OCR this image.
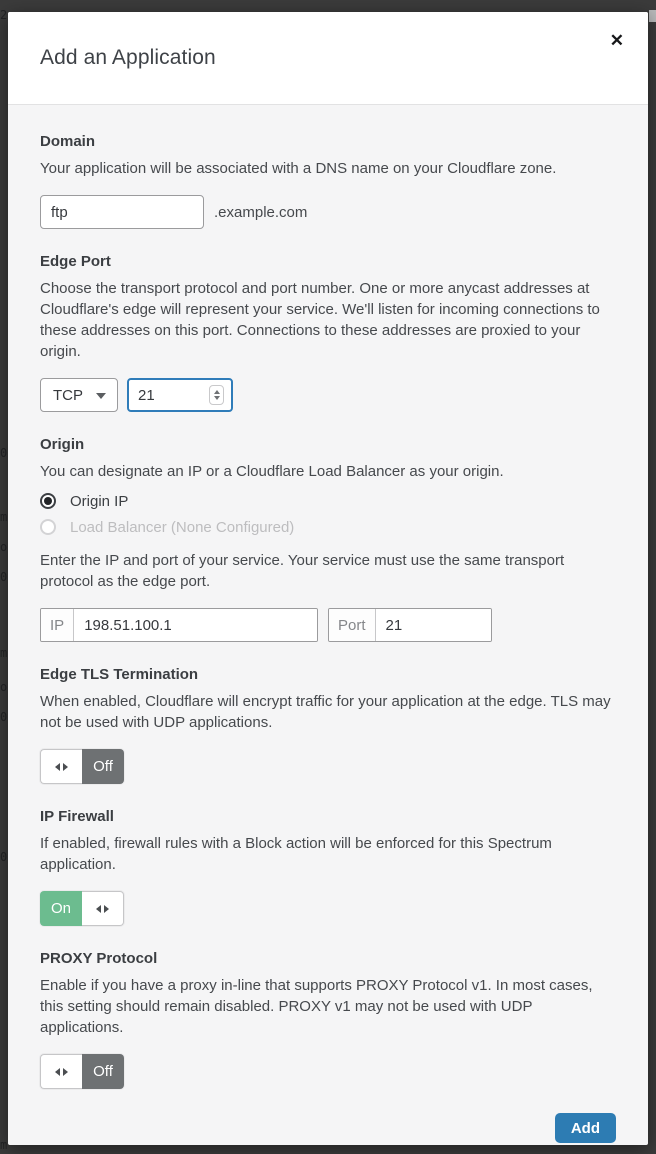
2
0
m
o
0
m
o
0
0
m
Add an Application
✕
Domain

Your application will be associated with a DNS name on your Cloudflare zone.

ftp
.example.com
Edge Port

Choose the transport protocol and port number. One or more anycast addresses at Cloudflare's edge will represent your service. We'll listen for incoming connections to these addresses on this port. Connections to these addresses are proxied to your origin.

TCP	21
Origin

You can designate an IP or a Cloudflare Load Balancer as your origin.

Origin IP
Load Balancer (None Configured)

Enter the IP and port of your service. Your service must use the same transport protocol as the edge port.

IP
198.51.100.1	Port
21
Edge TLS Termination

When enabled, Cloudflare will encrypt traffic for your application at the edge. TLS may not be used with UDP applications.

Off
IP Firewall

If enabled, firewall rules with a Block action will be enforced for this Spectrum application.

On
PROXY Protocol

Enable if you have a proxy in-line that supports PROXY Protocol v1. In most cases, this setting should remain disabled. PROXY v1 may not be used with UDP applications.

Off
Add
